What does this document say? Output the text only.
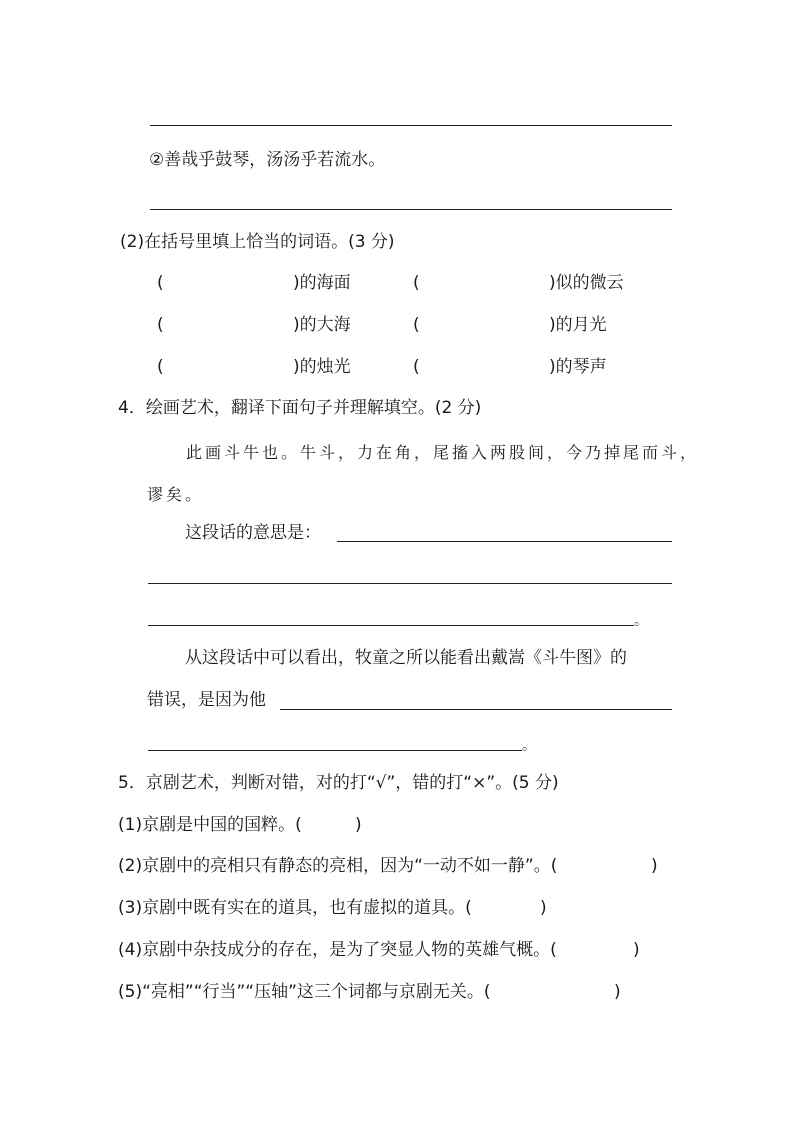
②善哉乎鼓琴，汤汤乎若流水。
(2)在括号里填上恰当的词语。(3 分)
(	)的海面	(	)似的微云
(	)的大海	(	)的月光
(	)的烛光	(	)的琴声
4．绘画艺术，翻译下面句子并理解填空。(2 分)
此画斗牛也。牛斗，力在角，尾搐入两股间，今乃掉尾而斗，
谬矣。
这段话的意思是：
。
从这段话中可以看出，牧童之所以能看出戴嵩《斗牛图》的
错误，是因为他
。
5．京剧艺术，判断对错，对的打“√”，错的打“×”。(5 分)
(1)京剧是中国的国粹。(	)
(2)京剧中的亮相只有静态的亮相，因为“一动不如一静”。(	)
(3)京剧中既有实在的道具，也有虚拟的道具。(	)
(4)京剧中杂技成分的存在，是为了突显人物的英雄气概。(	)
(5)“亮相”“行当”“压轴”这三个词都与京剧无关。(	)
